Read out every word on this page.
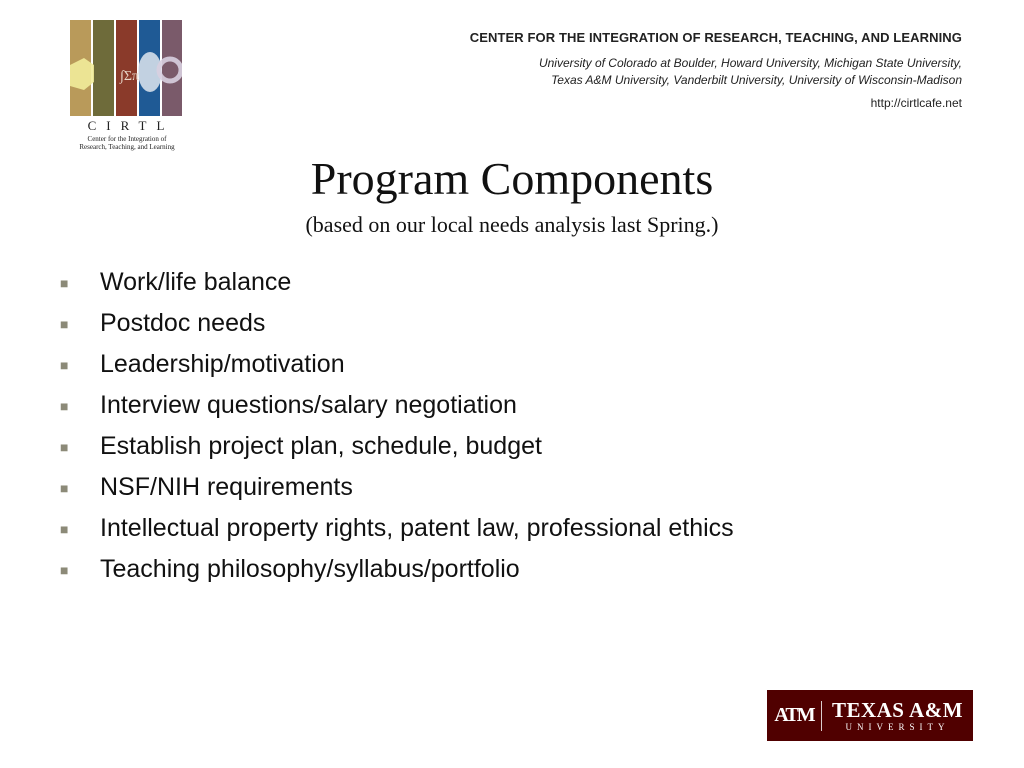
∫Σπ
CIRTL
Center for the Integration of
Research, Teaching, and Learning
CENTER FOR THE INTEGRATION OF RESEARCH, TEACHING, AND LEARNING
University of Colorado at Boulder, Howard University, Michigan State University,
Texas A&M University, Vanderbilt University, University of Wisconsin-Madison
http://cirtlcafe.net
Program Components
(based on our local needs analysis last Spring.)
■	Work/life balance
■	Postdoc needs
■	Leadership/motivation
■	Interview questions/salary negotiation
■	Establish project plan, schedule, budget
■	NSF/NIH requirements
■	Intellectual property rights, patent law, professional ethics
■	Teaching philosophy/syllabus/portfolio
ATM TEXAS A&M
UNIVERSITY
